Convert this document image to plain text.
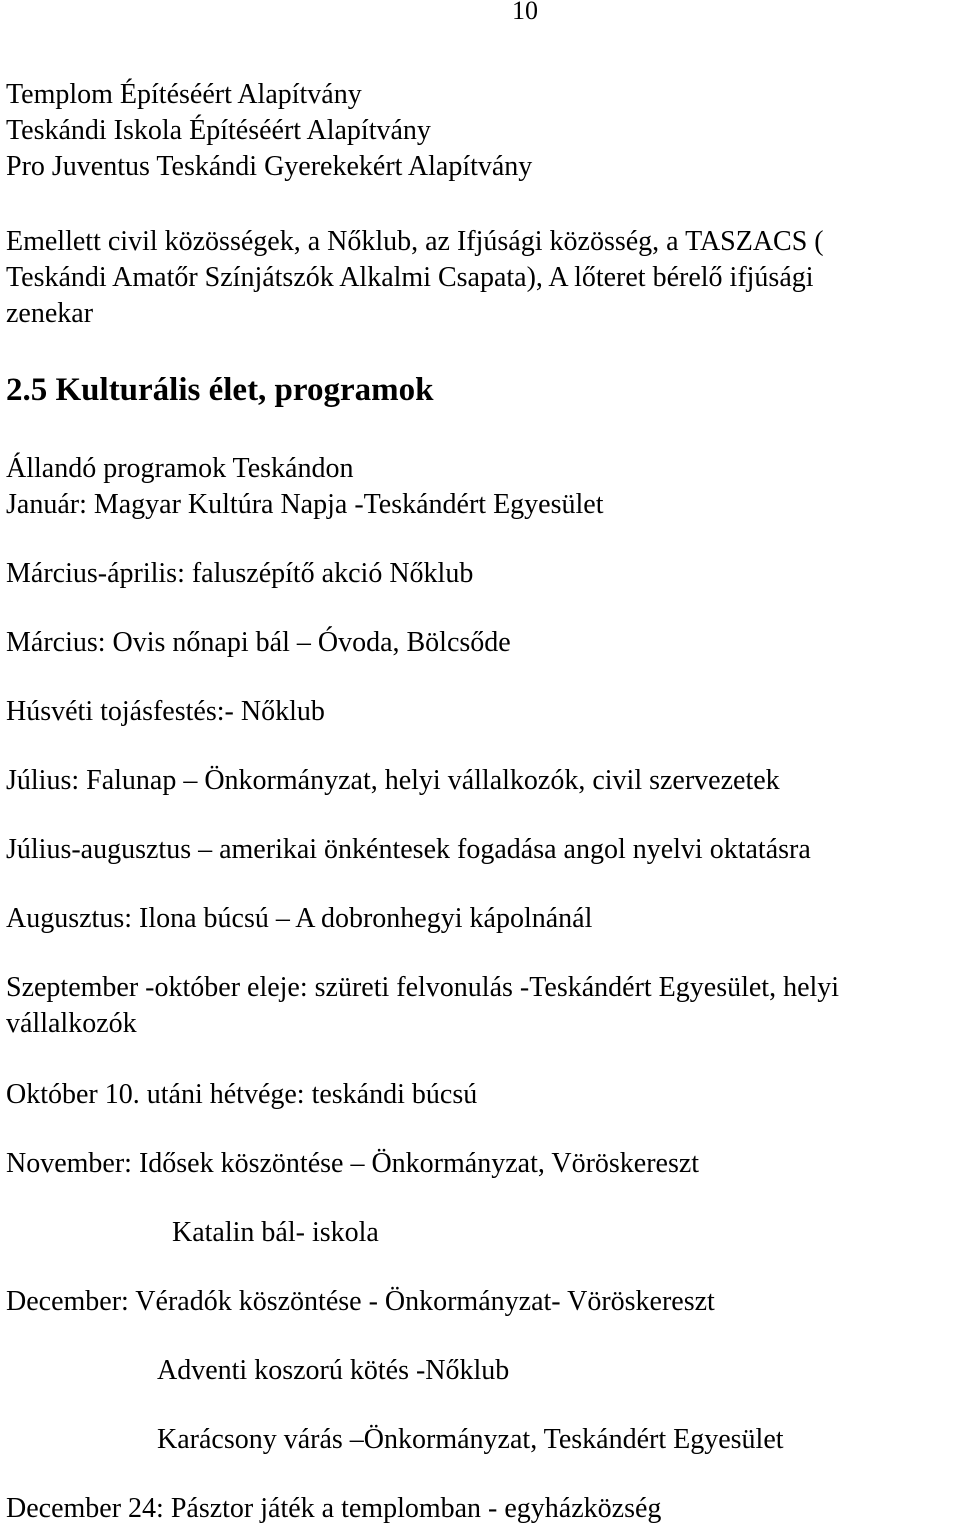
10

Templom Építéséért Alapítvány

Teskándi Iskola Építéséért Alapítvány

Pro Juventus Teskándi Gyerekekért Alapítvány

Emellett civil közösségek, a Nőklub, az Ifjúsági közösség, a TASZACS (

Teskándi Amatőr Színjátszók Alkalmi Csapata), A lőteret bérelő ifjúsági

zenekar

2.5 Kulturális élet, programok

Állandó programok Teskándon

Január: Magyar Kultúra Napja -Teskándért Egyesület

Március-április: faluszépítő akció Nőklub

Március: Ovis nőnapi bál – Óvoda, Bölcsőde

Húsvéti tojásfestés:- Nőklub

Július: Falunap – Önkormányzat, helyi vállalkozók, civil szervezetek

Július-augusztus – amerikai önkéntesek fogadása angol nyelvi oktatásra

Augusztus: Ilona búcsú – A dobronhegyi kápolnánál

Szeptember -október eleje: szüreti felvonulás -Teskándért Egyesület, helyi

vállalkozók

Október 10. utáni hétvége: teskándi búcsú

November: Idősek köszöntése – Önkormányzat, Vöröskereszt

Katalin bál- iskola

December: Véradók köszöntése - Önkormányzat- Vöröskereszt

Adventi koszorú kötés -Nőklub

Karácsony várás –Önkormányzat, Teskándért Egyesület

December 24: Pásztor játék a templomban - egyházközség
